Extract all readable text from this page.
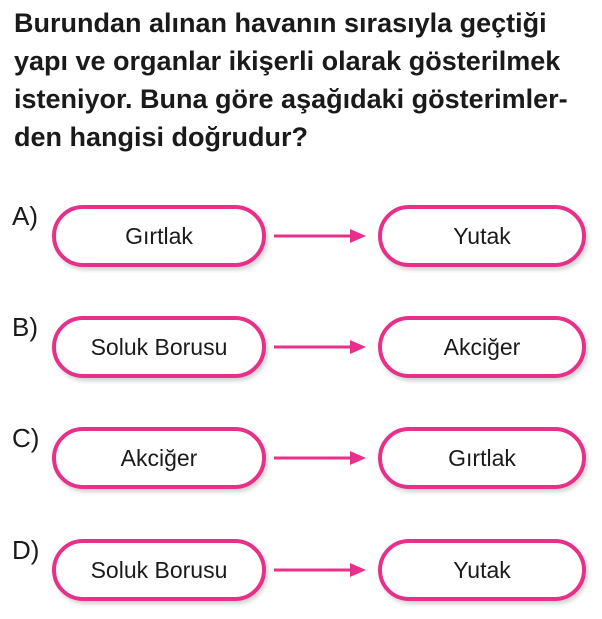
Burundan alınan havanın sırasıyla geçtiği
yapı ve organlar ikişerli olarak gösterilmek
isteniyor. Buna göre aşağıdaki gösterimler-
den hangisi doğrudur?
A)
Gırtlak	Yutak
B)
Soluk Borusu	Akciğer
C)
Akciğer	Gırtlak
D)
Soluk Borusu	Yutak
